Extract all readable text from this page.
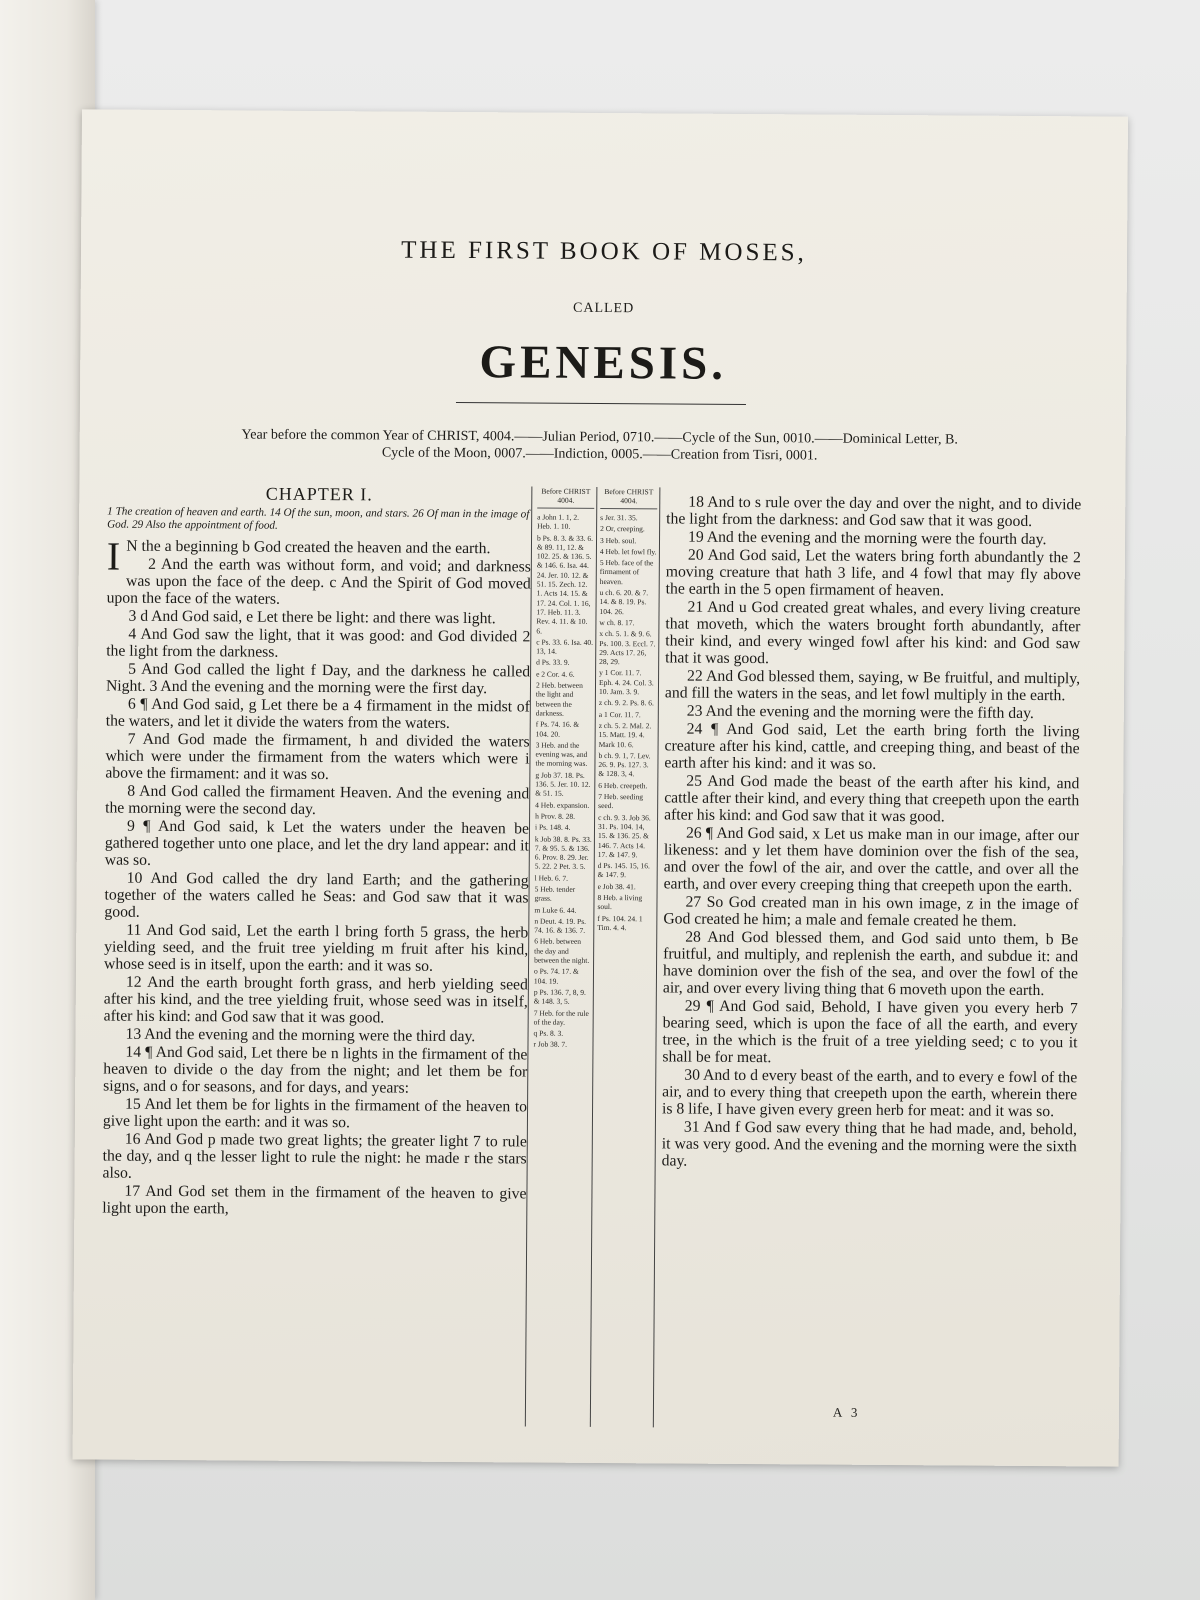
THE FIRST BOOK OF MOSES,
CALLED
GENESIS.
Year before the common Year of CHRIST, 4004.——Julian Period, 0710.——Cycle of the Sun, 0010.——Dominical Letter, B.
Cycle of the Moon, 0007.——Indiction, 0005.——Creation from Tisri, 0001.
CHAPTER I.
1 The creation of heaven and earth. 14 Of the sun, moon, and stars. 26 Of man in the image of God. 29 Also the appointment of food.

I N the a beginning b God created the heaven and the earth.

2 And the earth was without form, and void; and darkness was upon the face of the deep. c And the Spirit of God moved upon the face of the waters.

3 d And God said, e Let there be light: and there was light.

4 And God saw the light, that it was good: and God divided 2 the light from the darkness.

5 And God called the light f Day, and the darkness he called Night. 3 And the evening and the morning were the first day.

6 ¶ And God said, g Let there be a 4 firmament in the midst of the waters, and let it divide the waters from the waters.

7 And God made the firmament, h and divided the waters which were under the firmament from the waters which were i above the firmament: and it was so.

8 And God called the firmament Heaven. And the evening and the morning were the second day.

9 ¶ And God said, k Let the waters under the heaven be gathered together unto one place, and let the dry land appear: and it was so.

10 And God called the dry land Earth; and the gathering together of the waters called he Seas: and God saw that it was good.

11 And God said, Let the earth l bring forth 5 grass, the herb yielding seed, and the fruit tree yielding m fruit after his kind, whose seed is in itself, upon the earth: and it was so.

12 And the earth brought forth grass, and herb yielding seed after his kind, and the tree yielding fruit, whose seed was in itself, after his kind: and God saw that it was good.

13 And the evening and the morning were the third day.

14 ¶ And God said, Let there be n lights in the firmament of the heaven to divide o the day from the night; and let them be for signs, and o for seasons, and for days, and years:

15 And let them be for lights in the firmament of the heaven to give light upon the earth: and it was so.

16 And God p made two great lights; the greater light 7 to rule the day, and q the lesser light to rule the night: he made r the stars also.

17 And God set them in the firmament of the heaven to give light upon the earth,

Before CHRIST 4004.

a John 1. 1, 2. Heb. 1. 10.

b Ps. 8. 3. & 33. 6. & 89. 11, 12. & 102. 25. & 136. 5. & 146. 6. Isa. 44. 24. Jer. 10. 12. & 51. 15. Zech. 12. 1. Acts 14. 15. & 17. 24. Col. 1. 16, 17. Heb. 11. 3. Rev. 4. 11. & 10. 6.

c Ps. 33. 6. Isa. 40. 13, 14.

d Ps. 33. 9.

e 2 Cor. 4. 6.

2 Heb. between the light and between the darkness.

f Ps. 74. 16. & 104. 20.

3 Heb. and the evening was, and the morning was.

g Job 37. 18. Ps. 136. 5. Jer. 10. 12. & 51. 15.

4 Heb. expansion.

h Prov. 8. 28.

i Ps. 148. 4.

k Job 38. 8. Ps. 33. 7. & 95. 5. & 136. 6. Prov. 8. 29. Jer. 5. 22. 2 Pet. 3. 5.

l Heb. 6. 7.

5 Heb. tender grass.

m Luke 6. 44.

n Deut. 4. 19. Ps. 74. 16. & 136. 7.

6 Heb. between the day and between the night.

o Ps. 74. 17. & 104. 19.

p Ps. 136. 7, 8, 9. & 148. 3, 5.

7 Heb. for the rule of the day.

q Ps. 8. 3.

r Job 38. 7.

Before CHRIST 4004.

s Jer. 31. 35.

2 Or, creeping.

3 Heb. soul.

4 Heb. let fowl fly.

5 Heb. face of the firmament of heaven.

u ch. 6. 20. & 7. 14. & 8. 19. Ps. 104. 26.

w ch. 8. 17.

x ch. 5. 1. & 9. 6. Ps. 100. 3. Eccl. 7. 29. Acts 17. 26, 28, 29.

y 1 Cor. 11. 7. Eph. 4. 24. Col. 3. 10. Jam. 3. 9.

z ch. 9. 2. Ps. 8. 6.

a 1 Cor. 11. 7.

z ch. 5. 2. Mal. 2. 15. Matt. 19. 4. Mark 10. 6.

b ch. 9. 1, 7. Lev. 26. 9. Ps. 127. 3. & 128. 3, 4.

6 Heb. creepeth.

7 Heb. seeding seed.

c ch. 9. 3. Job 36. 31. Ps. 104. 14, 15. & 136. 25. & 146. 7. Acts 14. 17. & 147. 9.

d Ps. 145. 15, 16. & 147. 9.

e Job 38. 41.

8 Heb. a living soul.

f Ps. 104. 24. 1 Tim. 4. 4.

18 And to s rule over the day and over the night, and to divide the light from the darkness: and God saw that it was good.

19 And the evening and the morning were the fourth day.

20 And God said, Let the waters bring forth abundantly the 2 moving creature that hath 3 life, and 4 fowl that may fly above the earth in the 5 open firmament of heaven.

21 And u God created great whales, and every living creature that moveth, which the waters brought forth abundantly, after their kind, and every winged fowl after his kind: and God saw that it was good.

22 And God blessed them, saying, w Be fruitful, and multiply, and fill the waters in the seas, and let fowl multiply in the earth.

23 And the evening and the morning were the fifth day.

24 ¶ And God said, Let the earth bring forth the living creature after his kind, cattle, and creeping thing, and beast of the earth after his kind: and it was so.

25 And God made the beast of the earth after his kind, and cattle after their kind, and every thing that creepeth upon the earth after his kind: and God saw that it was good.

26 ¶ And God said, x Let us make man in our image, after our likeness: and y let them have dominion over the fish of the sea, and over the fowl of the air, and over the cattle, and over all the earth, and over every creeping thing that creepeth upon the earth.

27 So God created man in his own image, z in the image of God created he him; a male and female created he them.

28 And God blessed them, and God said unto them, b Be fruitful, and multiply, and replenish the earth, and subdue it: and have dominion over the fish of the sea, and over the fowl of the air, and over every living thing that 6 moveth upon the earth.

29 ¶ And God said, Behold, I have given you every herb 7 bearing seed, which is upon the face of all the earth, and every tree, in the which is the fruit of a tree yielding seed; c to you it shall be for meat.

30 And to d every beast of the earth, and to every e fowl of the air, and to every thing that creepeth upon the earth, wherein there is 8 life, I have given every green herb for meat: and it was so.

31 And f God saw every thing that he had made, and, behold, it was very good. And the evening and the morning were the sixth day.

A 3
